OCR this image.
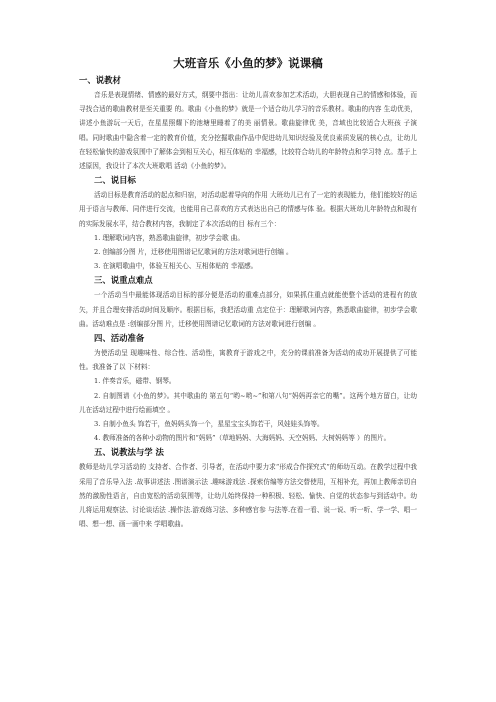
大班音乐《小鱼的梦》说课稿
一、说教材

音乐是表现情绪、情感的最好方式，纲要中指出：让幼儿喜欢参加艺术活动，大胆表现自己的情感和体验，而寻找合适的歌曲教材是至关重要 的。歌曲《小鱼的梦》就是一个适合幼儿学习的音乐教材。歌曲的内容 生动优美，讲述小鱼游玩一天后，在星星照耀下的池塘里睡着了的美 丽情景。歌曲旋律优 美，音域也比较适合大班孩 子演唱。同时歌曲中隐含着一定的教育价值，充分挖掘歌曲作品中促进幼儿知识经验及优良素质发展的核心点，让幼儿在轻松愉快的游戏氛围中了解体会到相互关心，相互体贴的 幸福感，比较符合幼儿的年龄特点和学习特 点。基于上述原因，我设计了本次大班歌唱 活动《小鱼的梦》。

二、说目标

活动目标是教育活动的起点和归宿，对活动起着导向的作用 大班幼儿已有了一定的表现能力，他们能较好的运用于语言与教师、同伴进行交流，也能用自己喜欢的方式表达出自己的情感与体 验。根据大班幼儿年龄特点和现有的实际发展水平，结合教材内容，我制定了本次活动的目 标有三个：

1. 理解歌词内容，熟悉歌曲旋律，初步学会歌 曲。
2. 创编部分图 片，迁移使用图谱记忆歌词的方法对歌词进行创编 。
3. 在演唱歌曲中，体验互相关心、互相体贴的 幸福感。
三、说重点难点

一个活动当中最能体现活动目标的部分便是活动的重难点部分，如果抓住重点就能使整个活动的进程有的放矢，并且合理安排活动时间及顺序。根据目标，我把活动重 点定位于：理解歌词内容，熟悉歌曲旋律，初步学会歌 曲。活动难点是 :创编部分图 片，迁移使用图谱记忆歌词的方法对歌词进行创编 。

四、活动准备

为使活动呈 现趣味性、综合性、活动性，寓教育于游戏之中，充分的课前准备为活动的成功开展提供了可能 性。我准备了以 下材料：

1. 伴奏音乐，磁带、钢琴。

2. 自制图谱《小鱼的梦》。其中歌曲的 第五句“哟~哟~”和第八句“妈妈再亲它的嘴”。这两个地方留白，让幼儿在活动过程中进行绘画填空 。

3. 自制小鱼头 饰若干，鱼妈妈头饰一个，星星宝宝头饰若干，风娃娃头饰等。

4. 教师准备的各种小动物的图片和“妈妈”（草地妈妈、大海妈妈、天空妈妈、大树妈妈等 ）的图片。

五、说教法与学 法

教师是幼儿学习活动的 支持者、合作者、引导者，在活动中要力求“形成合作探究式”的师幼互动。在教学过程中我采用了音乐导入法 .故事讲述法 .图谱演示法 .趣味游戏法 .探索仿编等方法交替使用，互相补充，再加上教师亲切自然的激励性语言，自由宽松的活动氛围等，让幼儿始终保持一种积极、轻松、愉快、自觉的状态参与到活动中。幼儿将运用观察法、讨论谈话法 .操作法.游戏练习法、多种感官参 与法等.在看一看、说一说、听一听、学一学、唱一唱、想一想、画一画中来 学唱歌曲。
